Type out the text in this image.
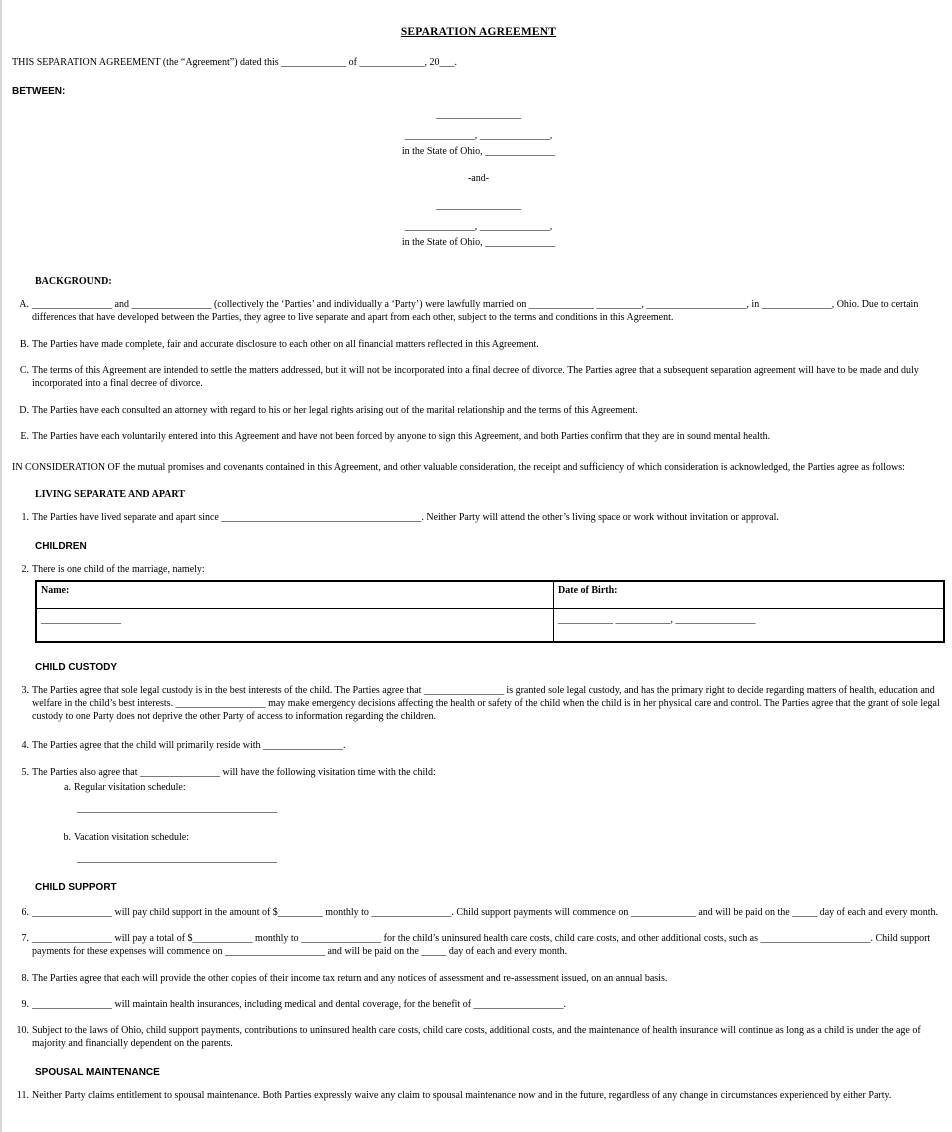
SEPARATION AGREEMENT
THIS SEPARATION AGREEMENT (the “Agreement”) dated this _____________ of _____________, 20___.
BETWEEN:
_________________
______________, ______________,
in the State of Ohio, ______________
-and-
_________________
______________, ______________,
in the State of Ohio, ______________
BACKGROUND:
A. ________________ and ________________ (collectively the ‘Parties’ and individually a ‘Party’) were lawfully married on _____________ _________, ____________________, in ______________, Ohio. Due to certain differences that have developed between the Parties, they agree to live separate and apart from each other, subject to the terms and conditions in this Agreement.
B. The Parties have made complete, fair and accurate disclosure to each other on all financial matters reflected in this Agreement.
C. The terms of this Agreement are intended to settle the matters addressed, but it will not be incorporated into a final decree of divorce. The Parties agree that a subsequent separation agreement will have to be made and duly incorporated into a final decree of divorce.
D. The Parties have each consulted an attorney with regard to his or her legal rights arising out of the marital relationship and the terms of this Agreement.
E. The Parties have each voluntarily entered into this Agreement and have not been forced by anyone to sign this Agreement, and both Parties confirm that they are in sound mental health.
IN CONSIDERATION OF the mutual promises and covenants contained in this Agreement, and other valuable consideration, the receipt and sufficiency of which consideration is acknowledged, the Parties agree as follows:
LIVING SEPARATE AND APART
1. The Parties have lived separate and apart since ________________________________________. Neither Party will attend the other’s living space or work without invitation or approval.
CHILDREN
2. There is one child of the marriage, namely:
Name:	Date of Birth:
________________	___________ ___________, ________________
CHILD CUSTODY
3. The Parties agree that sole legal custody is in the best interests of the child. The Parties agree that ________________ is granted sole legal custody, and has the primary right to decide regarding matters of health, education and welfare in the child’s best interests. __________________ may make emergency decisions affecting the health or safety of the child when the child is in her physical care and control. The Parties agree that the grant of sole legal custody to one Party does not deprive the other Party of access to information regarding the children.
4. The Parties agree that the child will primarily reside with ________________.
5. The Parties also agree that ________________ will have the following visitation time with the child:
a. Regular visitation schedule:
________________________________________
b. Vacation visitation schedule:
________________________________________
CHILD SUPPORT
6. ________________ will pay child support in the amount of $_________ monthly to ________________. Child support payments will commence on _____________ and will be paid on the _____ day of each and every month.
7. ________________ will pay a total of $____________ monthly to ________________ for the child’s uninsured health care costs, child care costs, and other additional costs, such as ______________________. Child support payments for these expenses will commence on ____________________ and will be paid on the _____ day of each and every month.
8. The Parties agree that each will provide the other copies of their income tax return and any notices of assessment and re-assessment issued, on an annual basis.
9. ________________ will maintain health insurances, including medical and dental coverage, for the benefit of __________________.
10. Subject to the laws of Ohio, child support payments, contributions to uninsured health care costs, child care costs, additional costs, and the maintenance of health insurance will continue as long as a child is under the age of majority and financially dependent on the parents.
SPOUSAL MAINTENANCE
11. Neither Party claims entitlement to spousal maintenance. Both Parties expressly waive any claim to spousal maintenance now and in the future, regardless of any change in circumstances experienced by either Party.
